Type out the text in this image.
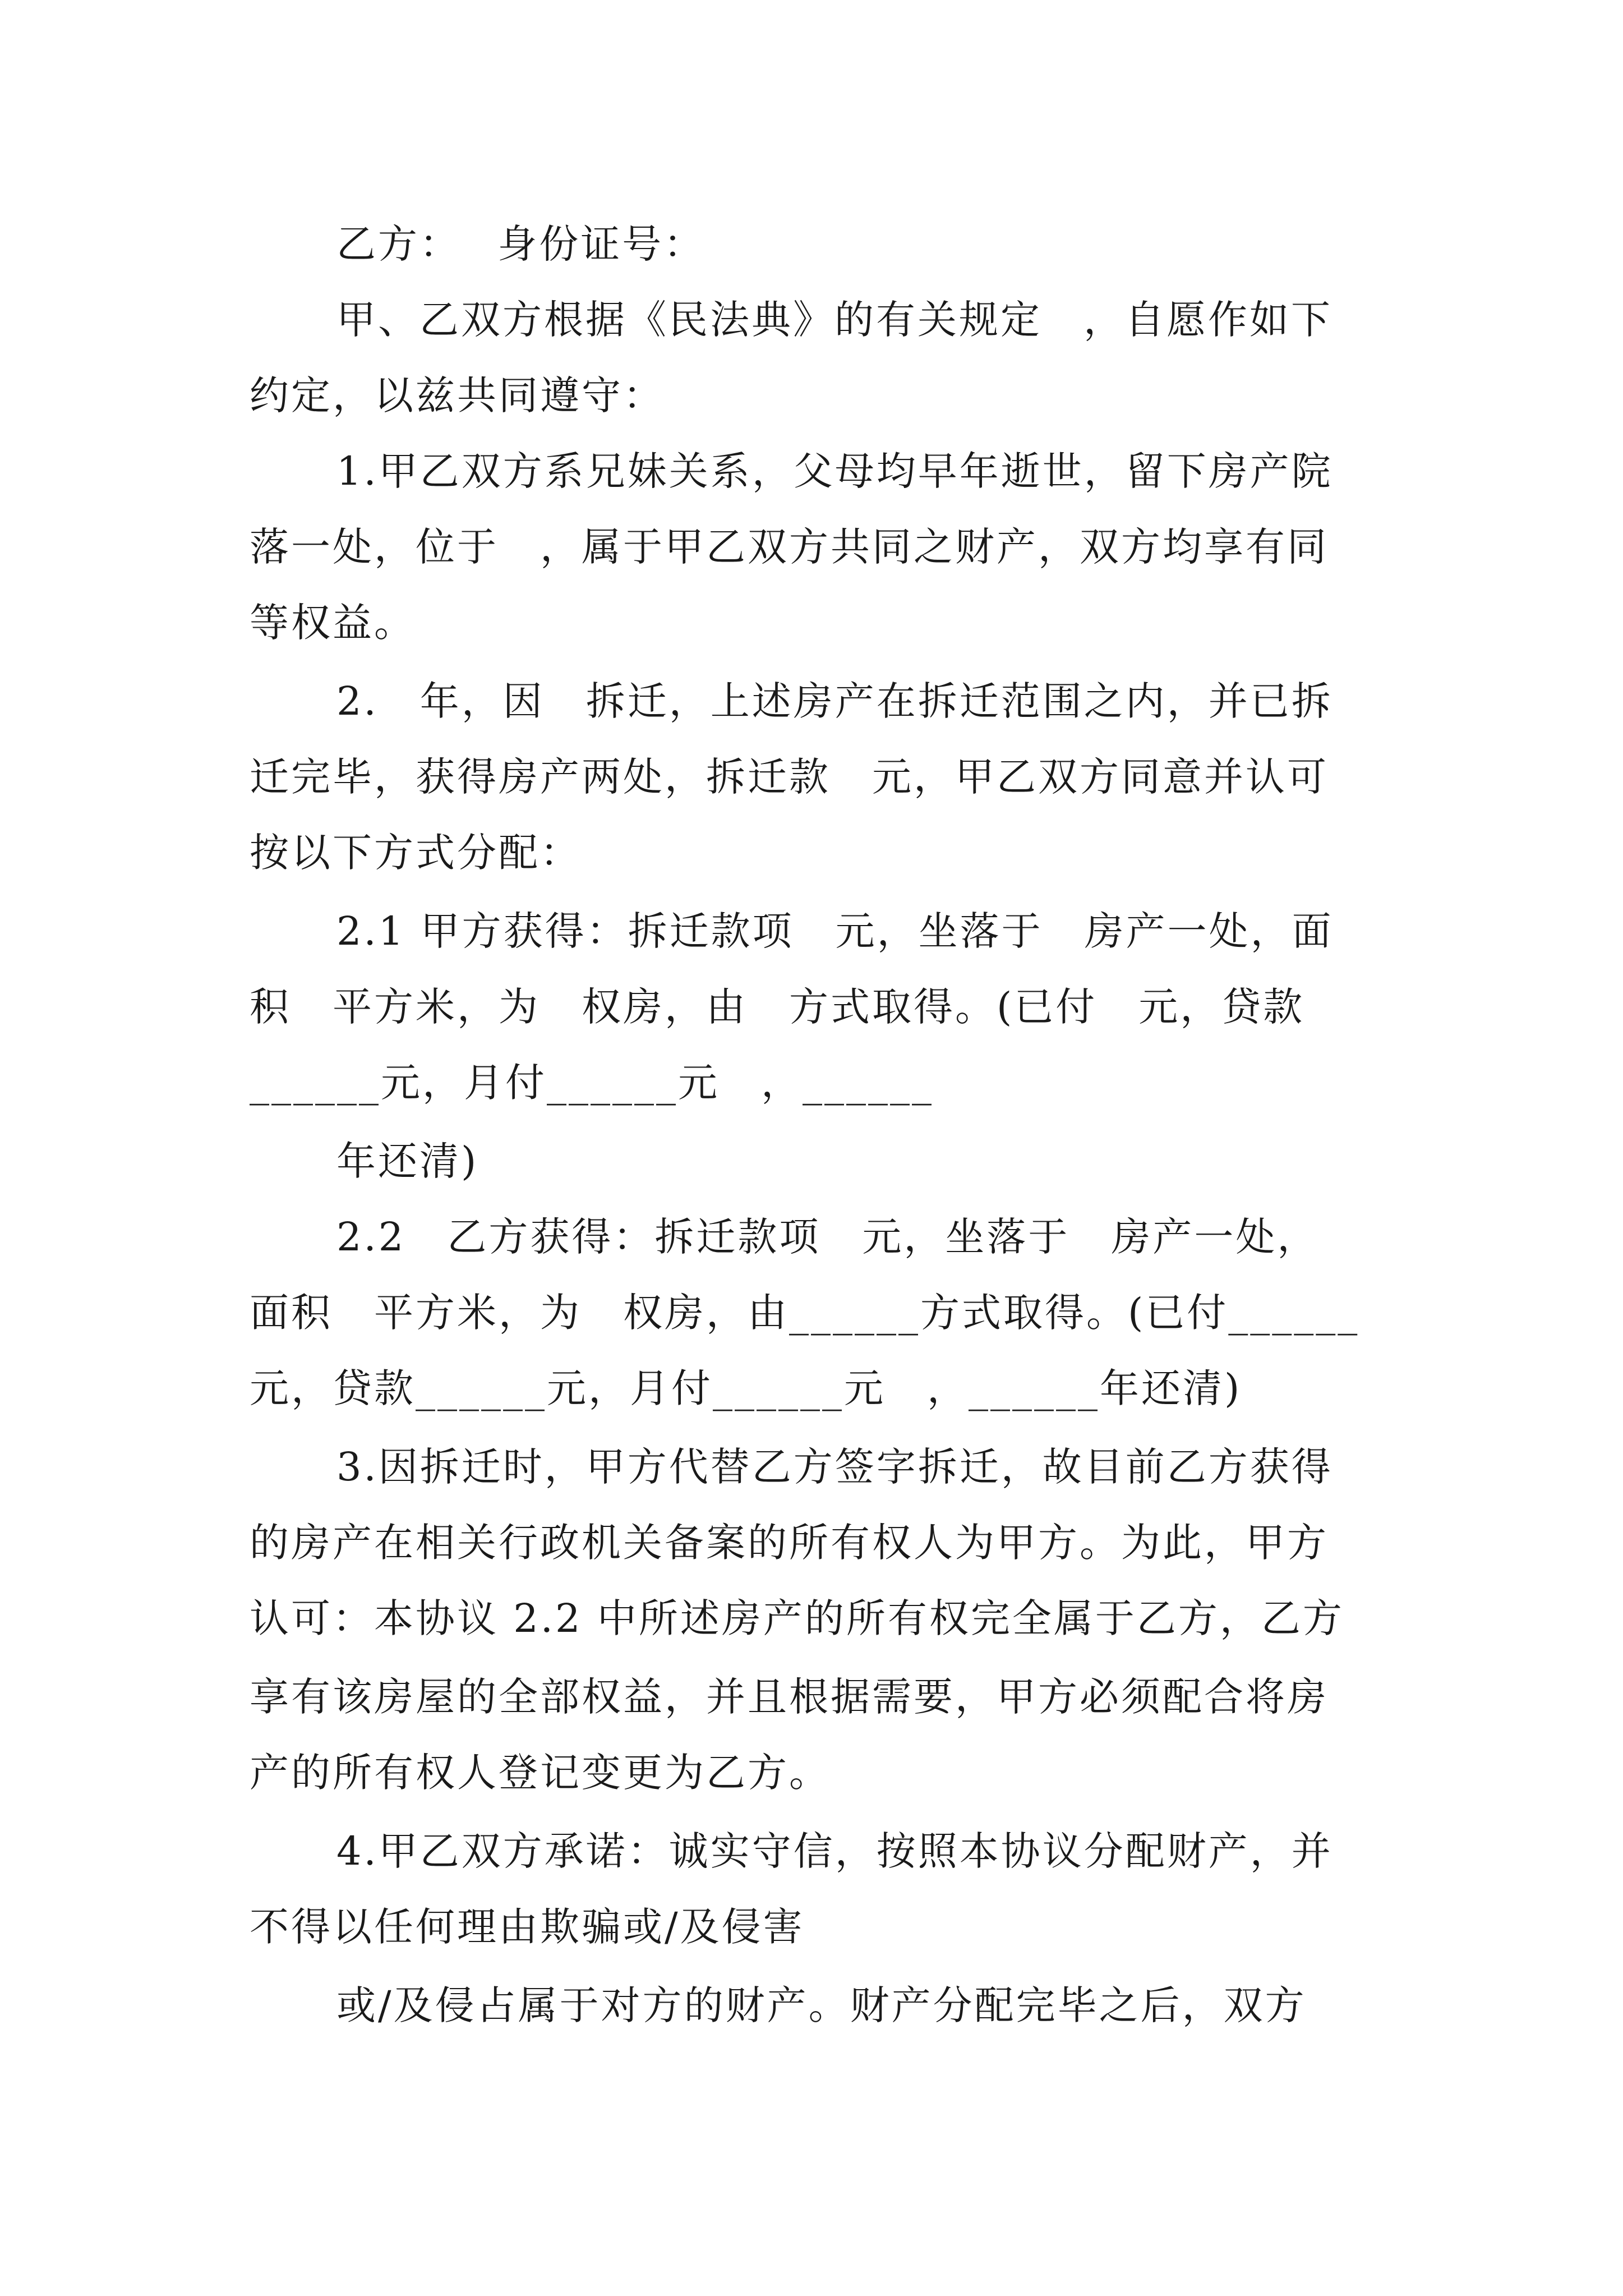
乙方：　 身份证号：
甲、乙双方根据《民法典》的有关规定　，自愿作如下
约定，以兹共同遵守：
1.甲乙双方系兄妹关系，父母均早年逝世，留下房产院
落一处，位于　，属于甲乙双方共同之财产，双方均享有同
等权益。
2.　年，因　拆迁，上述房产在拆迁范围之内，并已拆
迁完毕，获得房产两处，拆迁款　元，甲乙双方同意并认可
按以下方式分配：
2.1 甲方获得：拆迁款项　元，坐落于　房产一处，面
积　平方米，为　权房，由　方式取得。(已付　元，贷款
______元，月付______元　，______
年还清)
2.2　乙方获得：拆迁款项　元，坐落于　房产一处，
面积　平方米，为　权房，由______方式取得。(已付______
元，贷款______元，月付______元　，______年还清)
3.因拆迁时，甲方代替乙方签字拆迁，故目前乙方获得
的房产在相关行政机关备案的所有权人为甲方。为此，甲方
认可：本协议 2.2 中所述房产的所有权完全属于乙方，乙方
享有该房屋的全部权益，并且根据需要，甲方必须配合将房
产的所有权人登记变更为乙方。
4.甲乙双方承诺：诚实守信，按照本协议分配财产，并
不得以任何理由欺骗或/及侵害
或/及侵占属于对方的财产。财产分配完毕之后，双方
